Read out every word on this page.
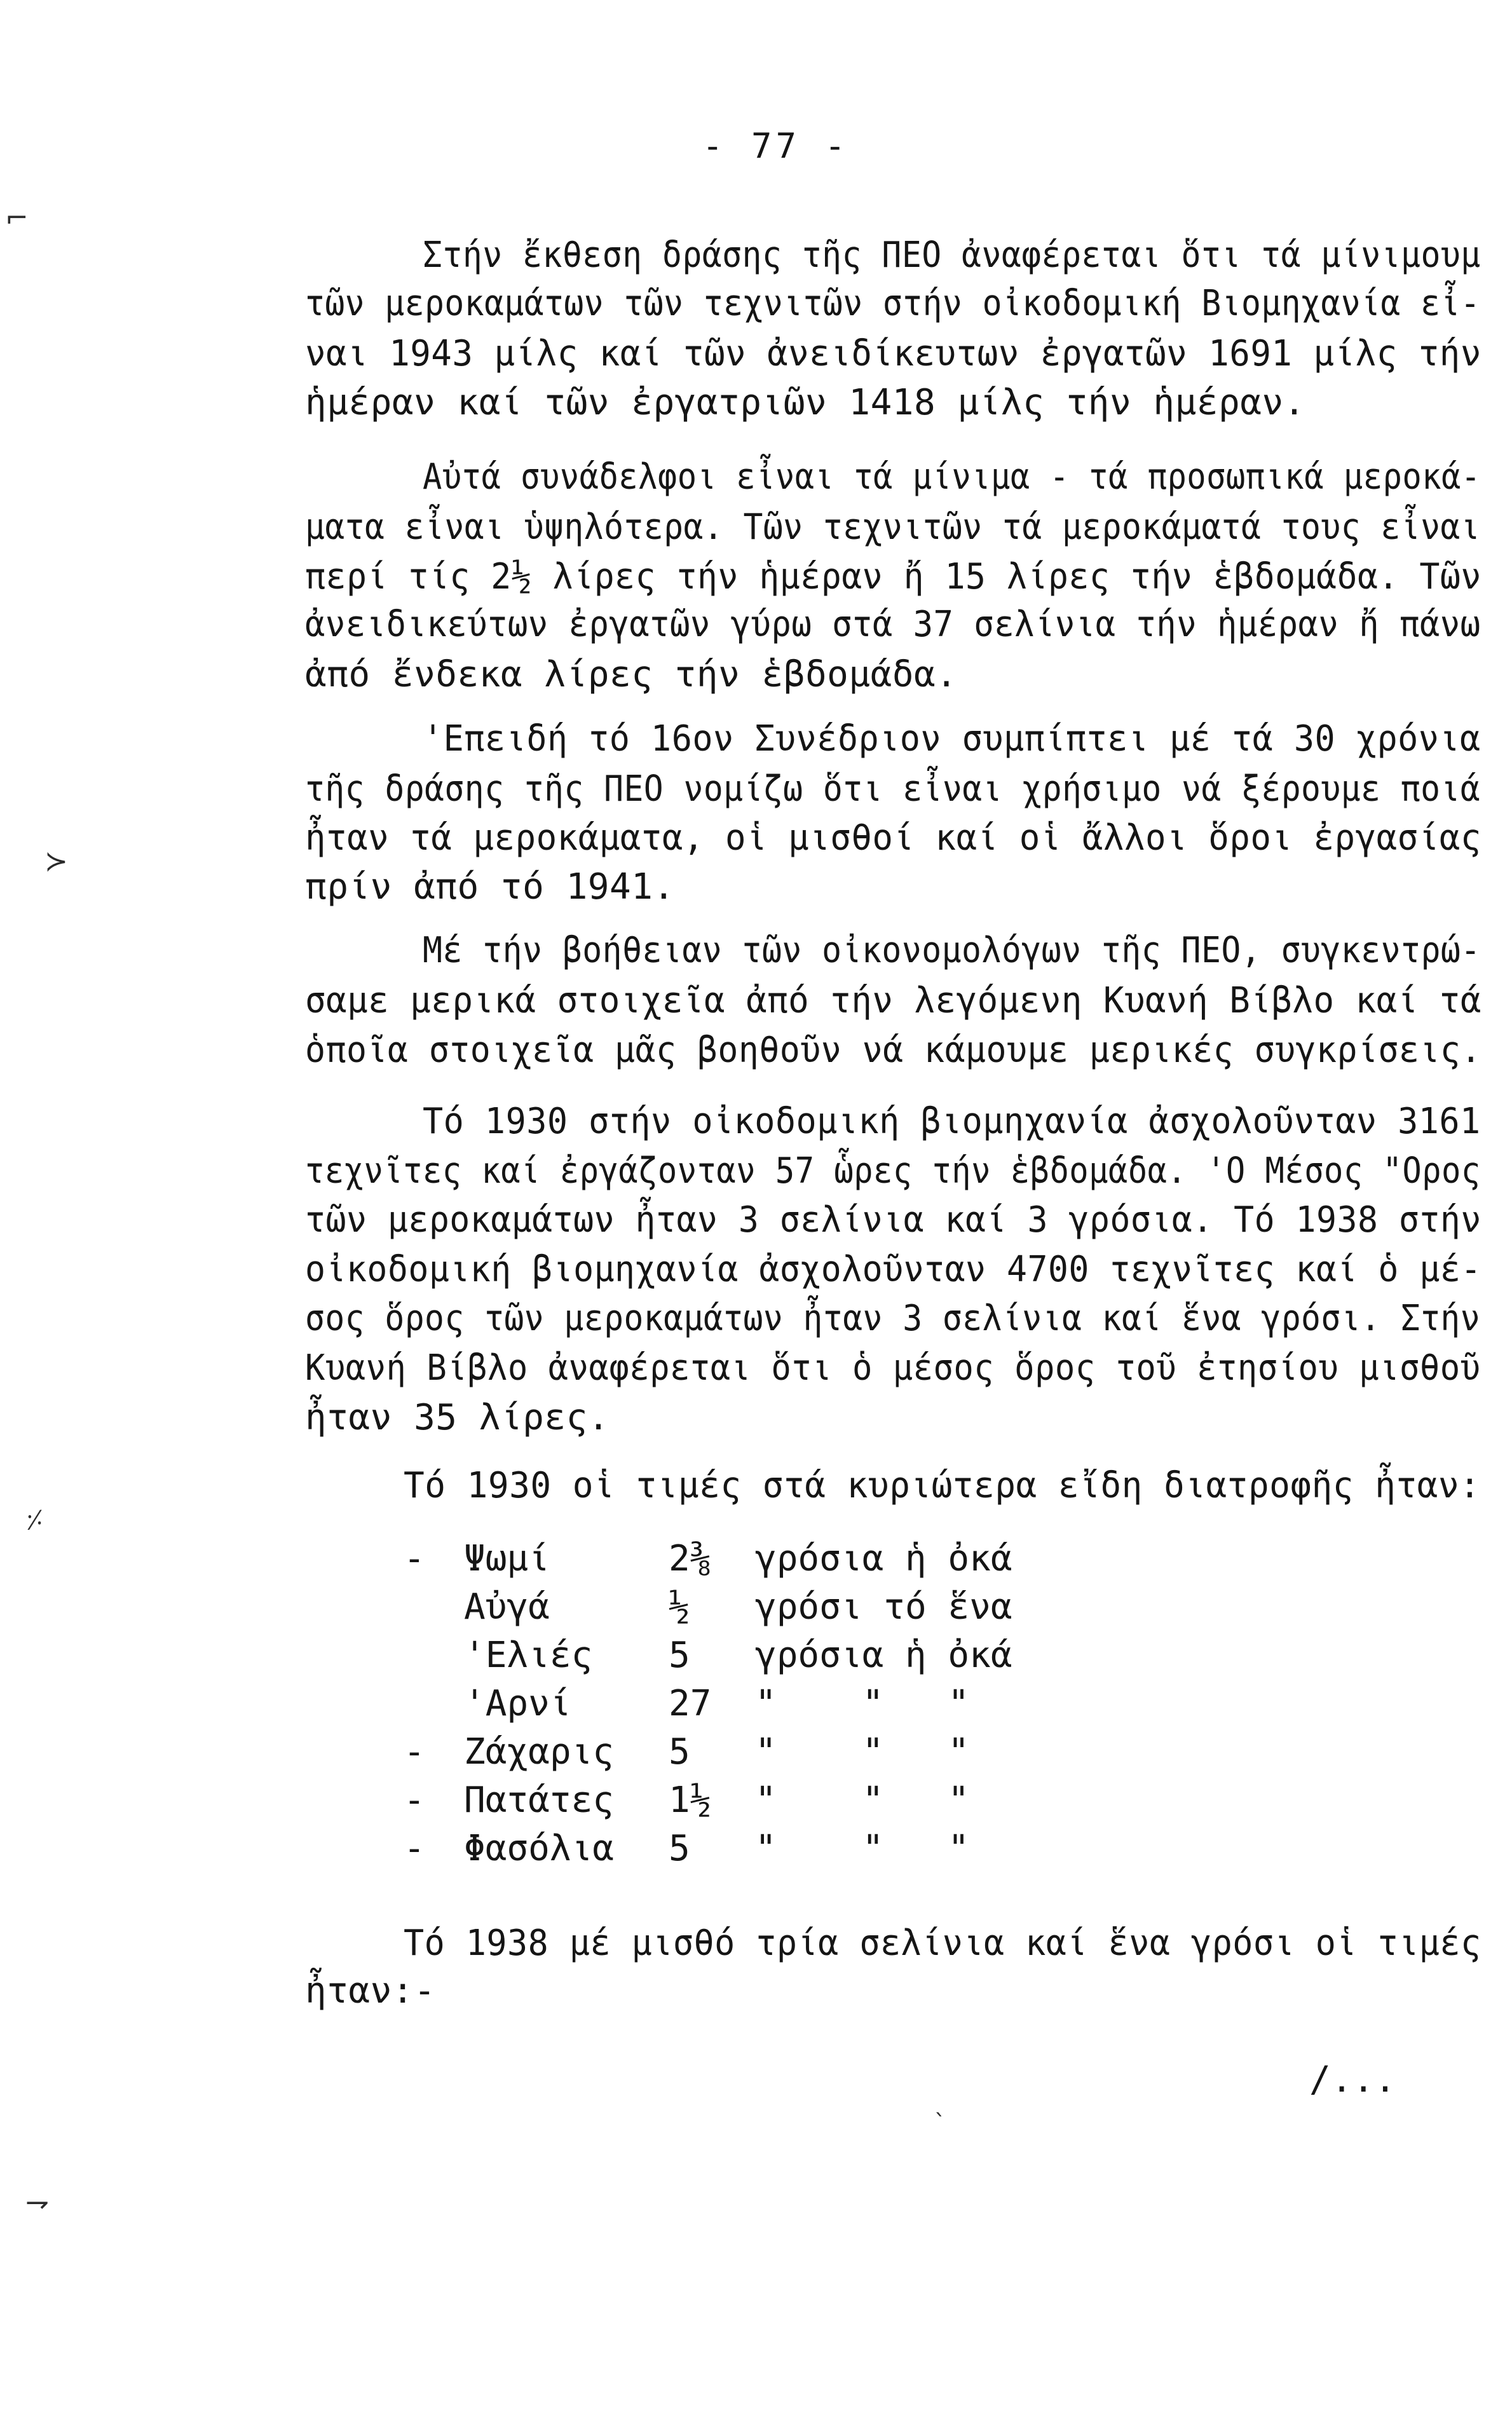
- 77 -
⌐
≻
⸓
⇁
Στήν ἔκθεση δράσης τῆς ΠΕΟ ἀναφέρεται ὅτι τά μίνιμουμ
τῶν μεροκαμάτων τῶν τεχνιτῶν στήν οἰκοδομική Βιομηχανία εἶ-
ναι 1943 μίλς καί τῶν ἀνειδίκευτων ἐργατῶν 1691 μίλς τήν
ἡμέραν καί τῶν ἐργατριῶν 1418 μίλς τήν ἡμέραν.
Αὐτά συνάδελφοι εἶναι τά μίνιμα - τά προσωπικά μεροκά-
ματα εἶναι ὑψηλότερα. Τῶν τεχνιτῶν τά μεροκάματά τους εἶναι
περί τίς 2½ λίρες τήν ἡμέραν ἤ 15 λίρες τήν ἑβδομάδα. Τῶν
ἀνειδικεύτων ἐργατῶν γύρω στά 37 σελίνια τήν ἡμέραν ἤ πάνω
ἀπό ἔνδεκα λίρες τήν ἑβδομάδα.
'Επειδή τό 16ον Συνέδριον συμπίπτει μέ τά 30 χρόνια
τῆς δράσης τῆς ΠΕΟ νομίζω ὅτι εἶναι χρήσιμο νά ξέρουμε ποιά
ἦταν τά μεροκάματα, οἱ μισθοί καί οἱ ἄλλοι ὅροι ἐργασίας
πρίν ἀπό τό 1941.
Μέ τήν βοήθειαν τῶν οἰκονομολόγων τῆς ΠΕΟ, συγκεντρώ-
σαμε μερικά στοιχεῖα ἀπό τήν λεγόμενη Κυανή Βίβλο καί τά
ὁποῖα στοιχεῖα μᾶς βοηθοῦν νά κάμουμε μερικές συγκρίσεις.
Τό 1930 στήν οἰκοδομική βιομηχανία ἀσχολοῦνταν 3161
τεχνῖτες καί ἐργάζονταν 57 ὧρες τήν ἑβδομάδα. 'Ο Μέσος "Ορος
τῶν μεροκαμάτων ἦταν 3 σελίνια καί 3 γρόσια. Τό 1938 στήν
οἰκοδομική βιομηχανία ἀσχολοῦνταν 4700 τεχνῖτες καί ὁ μέ-
σος ὅρος τῶν μεροκαμάτων ἦταν 3 σελίνια καί ἕνα γρόσι. Στήν
Κυανή Βίβλο ἀναφέρεται ὅτι ὁ μέσος ὅρος τοῦ ἐτησίου μισθοῦ
ἦταν 35 λίρες.
Τό 1930 οἱ τιμές στά κυριώτερα εἴδη διατροφῆς ἦταν:
- Ψωμί	2⅜ γρόσια ἡ ὀκά
Αὐγά	½ γρόσι τό ἕνα
'Ελιές 5 γρόσια ἡ ὀκά
'Αρνί	27 "    "   "
- Ζάχαρις 5 "    "   "
- Πατάτες 1½ "    "   "
- Φασόλια 5 "    "   "
Τό 1938 μέ μισθό τρία σελίνια καί ἕνα γρόσι οἱ τιμές
ἦταν:-
/...
ˋ
